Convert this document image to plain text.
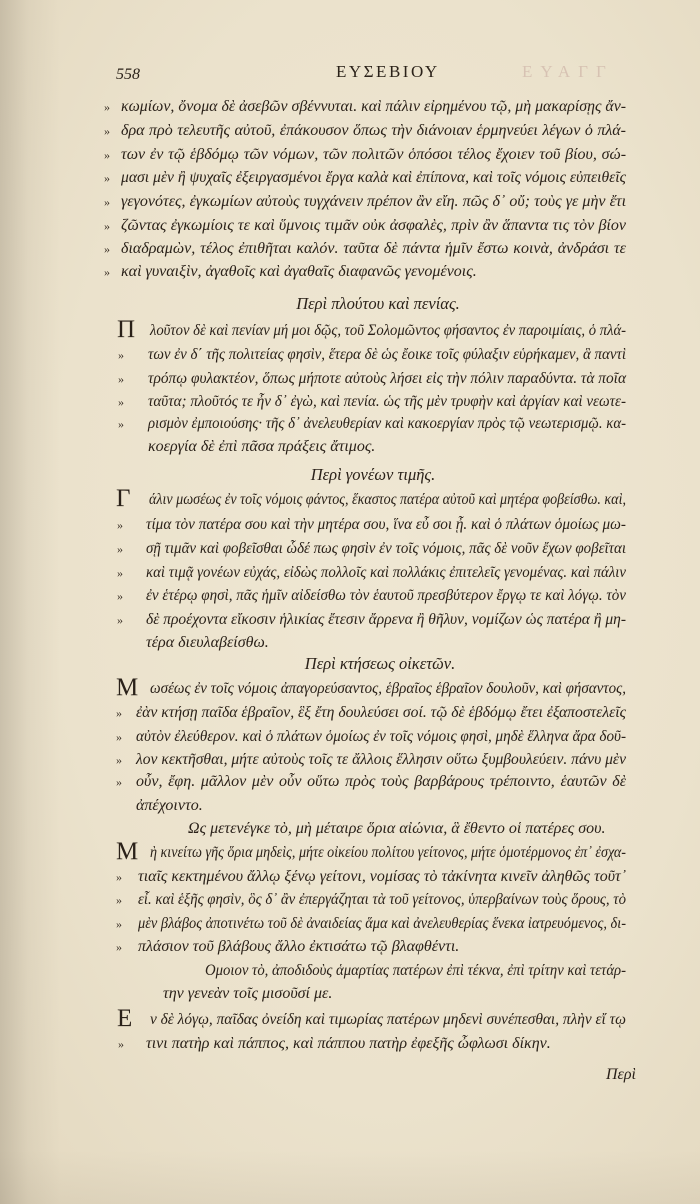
558	ΕΥΣΕΒΙΟΥ	ΕΥΑΓΓ
» κωμίων, ὄνομα δὲ ἀσεβῶν σβέννυται. καὶ πάλιν εἰρημένου τῷ, μὴ μακαρίσῃς ἄν-
» δρα πρὸ τελευτῆς αὐτοῦ, ἐπάκουσον ὅπως τὴν διάνοιαν ἑρμηνεύει λέγων ὁ πλά-
» των ἐν τῷ ἑβδόμῳ τῶν νόμων, τῶν πολιτῶν ὁπόσοι τέλος ἔχοιεν τοῦ βίου, σώ-
» μασι μὲν ἢ ψυχαῖς ἐξειργασμένοι ἔργα καλὰ καὶ ἐπίπονα, καὶ τοῖς νόμοις εὐπειθεῖς
» γεγονότες, ἐγκωμίων αὐτοὺς τυγχάνειν πρέπον ἂν εἴη. πῶς δ᾽ οὔ; τοὺς γε μὴν ἔτι
» ζῶντας ἐγκωμίοις τε καὶ ὕμνοις τιμᾶν οὐκ ἀσφαλὲς, πρὶν ἂν ἅπαντα τις τὸν βίον
» διαδραμὼν, τέλος ἐπιθῆται καλόν. ταῦτα δὲ πάντα ἡμῖν ἔστω κοινὰ, ἀνδράσι τε
» καὶ γυναιξὶν, ἀγαθοῖς καὶ ἀγαθαῖς διαφανῶς γενομένοις.
Περὶ πλούτου καὶ πενίας.
Π λοῦτον δὲ καὶ πενίαν μή μοι δῷς, τοῦ Σολομῶντος φήσαντος ἐν παροιμίαις, ὁ πλά-
» των ἐν δ΄ τῆς πολιτείας φησὶν, ἕτερα δὲ ὡς ἔοικε τοῖς φύλαξιν εὑρήκαμεν, ἃ παντὶ
» τρόπῳ φυλακτέον, ὅπως μήποτε αὐτοὺς λήσει εἰς τὴν πόλιν παραδύντα. τὰ ποῖα
» ταῦτα; πλοῦτός τε ἦν δ᾽ ἐγὼ, καὶ πενία. ὡς τῆς μὲν τρυφὴν καὶ ἀργίαν καὶ νεωτε-
» ρισμὸν ἐμποιούσης· τῆς δ᾽ ἀνελευθερίαν καὶ κακοεργίαν πρὸς τῷ νεωτερισμῷ. κα-
κοεργία δὲ ἐπὶ πᾶσα πράξεις ἄτιμος.
Περὶ γονέων τιμῆς.
Γ άλιν μωσέως ἐν τοῖς νόμοις φάντος, ἕκαστος πατέρα αὐτοῦ καὶ μητέρα φοβείσθω. καὶ,
» τίμα τὸν πατέρα σου καὶ τὴν μητέρα σου, ἵνα εὖ σοι ᾖ. καὶ ὁ πλάτων ὁμοίως μω-
» σῇ τιμᾶν καὶ φοβεῖσθαι ὧδέ πως φησὶν ἐν τοῖς νόμοις, πᾶς δὲ νοῦν ἔχων φοβεῖται
» καὶ τιμᾷ γονέων εὐχάς, εἰδὼς πολλοῖς καὶ πολλάκις ἐπιτελεῖς γενομένας. καὶ πάλιν
» ἐν ἑτέρῳ φησὶ, πᾶς ἡμῖν αἰδείσθω τὸν ἑαυτοῦ πρεσβύτερον ἔργῳ τε καὶ λόγῳ. τὸν
» δὲ προέχοντα εἴκοσιν ἡλικίας ἔτεσιν ἄρρενα ἢ θῆλυν, νομίζων ὡς πατέρα ἢ μη-
τέρα διευλαβείσθω.
Περὶ κτήσεως οἰκετῶν.
Μ ωσέως ἐν τοῖς νόμοις ἀπαγορεύσαντος, ἑβραῖος ἑβραῖον δουλοῦν, καὶ φήσαντος,
» ἐὰν κτήσῃ παῖδα ἑβραῖον, ἓξ ἔτη δουλεύσει σοί. τῷ δὲ ἑβδόμῳ ἔτει ἐξαποστελεῖς
» αὐτὸν ἐλεύθερον. καὶ ὁ πλάτων ὁμοίως ἐν τοῖς νόμοις φησὶ, μηδὲ ἕλληνα ἄρα δοῦ-
» λον κεκτῆσθαι, μήτε αὐτοὺς τοῖς τε ἄλλοις ἕλλησιν οὕτω ξυμβουλεύειν. πάνυ μὲν
» οὖν, ἔφη. μᾶλλον μὲν οὖν οὕτω πρὸς τοὺς βαρβάρους τρέποιντο, ἑαυτῶν δὲ
ἀπέχοιντο.
Ως μετενέγκε τὸ, μὴ μέταιρε ὅρια αἰώνια, ἃ ἔθεντο οἱ πατέρες σου.
Μ ὴ κινείτω γῆς ὅρια μηδεὶς, μήτε οἰκείου πολίτου γείτονος, μήτε ὁμοτέρμονος ἐπ᾽ ἐσχα-
» τιαῖς κεκτημένου ἄλλῳ ξένῳ γείτονι, νομίσας τὸ τἀκίνητα κινεῖν ἀληθῶς τοῦτ᾽
» εἶ. καὶ ἑξῆς φησὶν, ὃς δ᾽ ἂν ἐπεργάζηται τὰ τοῦ γείτονος, ὑπερβαίνων τοὺς ὅρους, τὸ
» μὲν βλάβος ἀποτινέτω τοῦ δὲ ἀναιδείας ἅμα καὶ ἀνελευθερίας ἕνεκα ἰατρευόμενος, δι-
» πλάσιον τοῦ βλάβους ἄλλο ἐκτισάτω τῷ βλαφθέντι.
Ομοιον τὸ, ἀποδιδοὺς ἁμαρτίας πατέρων ἐπὶ τέκνα, ἐπὶ τρίτην καὶ τετάρ-
την γενεὰν τοῖς μισοῦσί με.
Ε ν δὲ λόγῳ, παῖδας ὀνείδη καὶ τιμωρίας πατέρων μηδενὶ συνέπεσθαι, πλὴν εἴ τῳ
» τινι πατὴρ καὶ πάππος, καὶ πάππου πατὴρ ἐφεξῆς ὦφλωσι δίκην.
Περὶ
